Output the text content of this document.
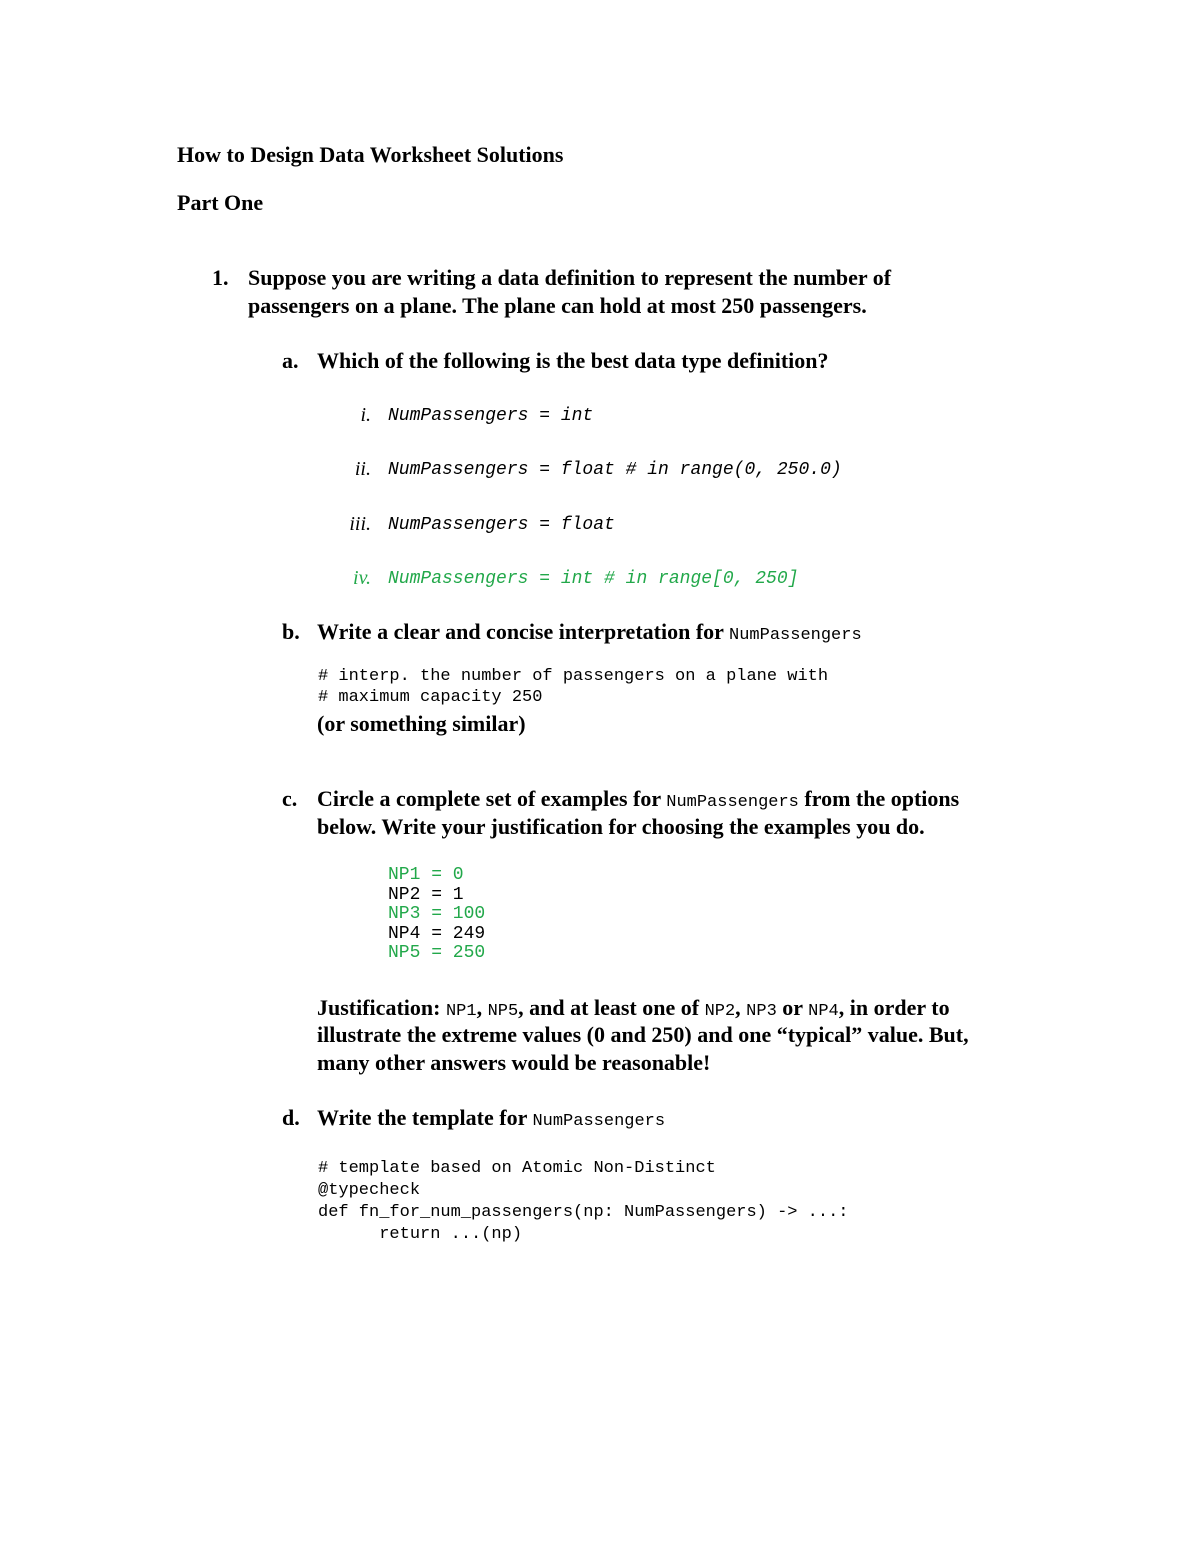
How to Design Data Worksheet Solutions
Part One
1. Suppose you are writing a data definition to represent the number of
passengers on a plane. The plane can hold at most 250 passengers.
a. Which of the following is the best data type definition?
i. NumPassengers = int
ii. NumPassengers = float # in range(0, 250.0)
iii. NumPassengers = float
iv. NumPassengers = int # in range[0, 250]
b. Write a clear and concise interpretation for NumPassengers
# interp. the number of passengers on a plane with
# maximum capacity 250
(or something similar)
c. Circle a complete set of examples for NumPassengers from the options
below. Write your justification for choosing the examples you do.
NP1 = 0
NP2 = 1
NP3 = 100
NP4 = 249
NP5 = 250
Justification: NP1, NP5, and at least one of NP2, NP3 or NP4, in order to
illustrate the extreme values (0 and 250) and one “typical” value. But,
many other answers would be reasonable!
d. Write the template for NumPassengers
# template based on Atomic Non-Distinct
@typecheck
def fn_for_num_passengers(np: NumPassengers) -> ...:
return ...(np)
